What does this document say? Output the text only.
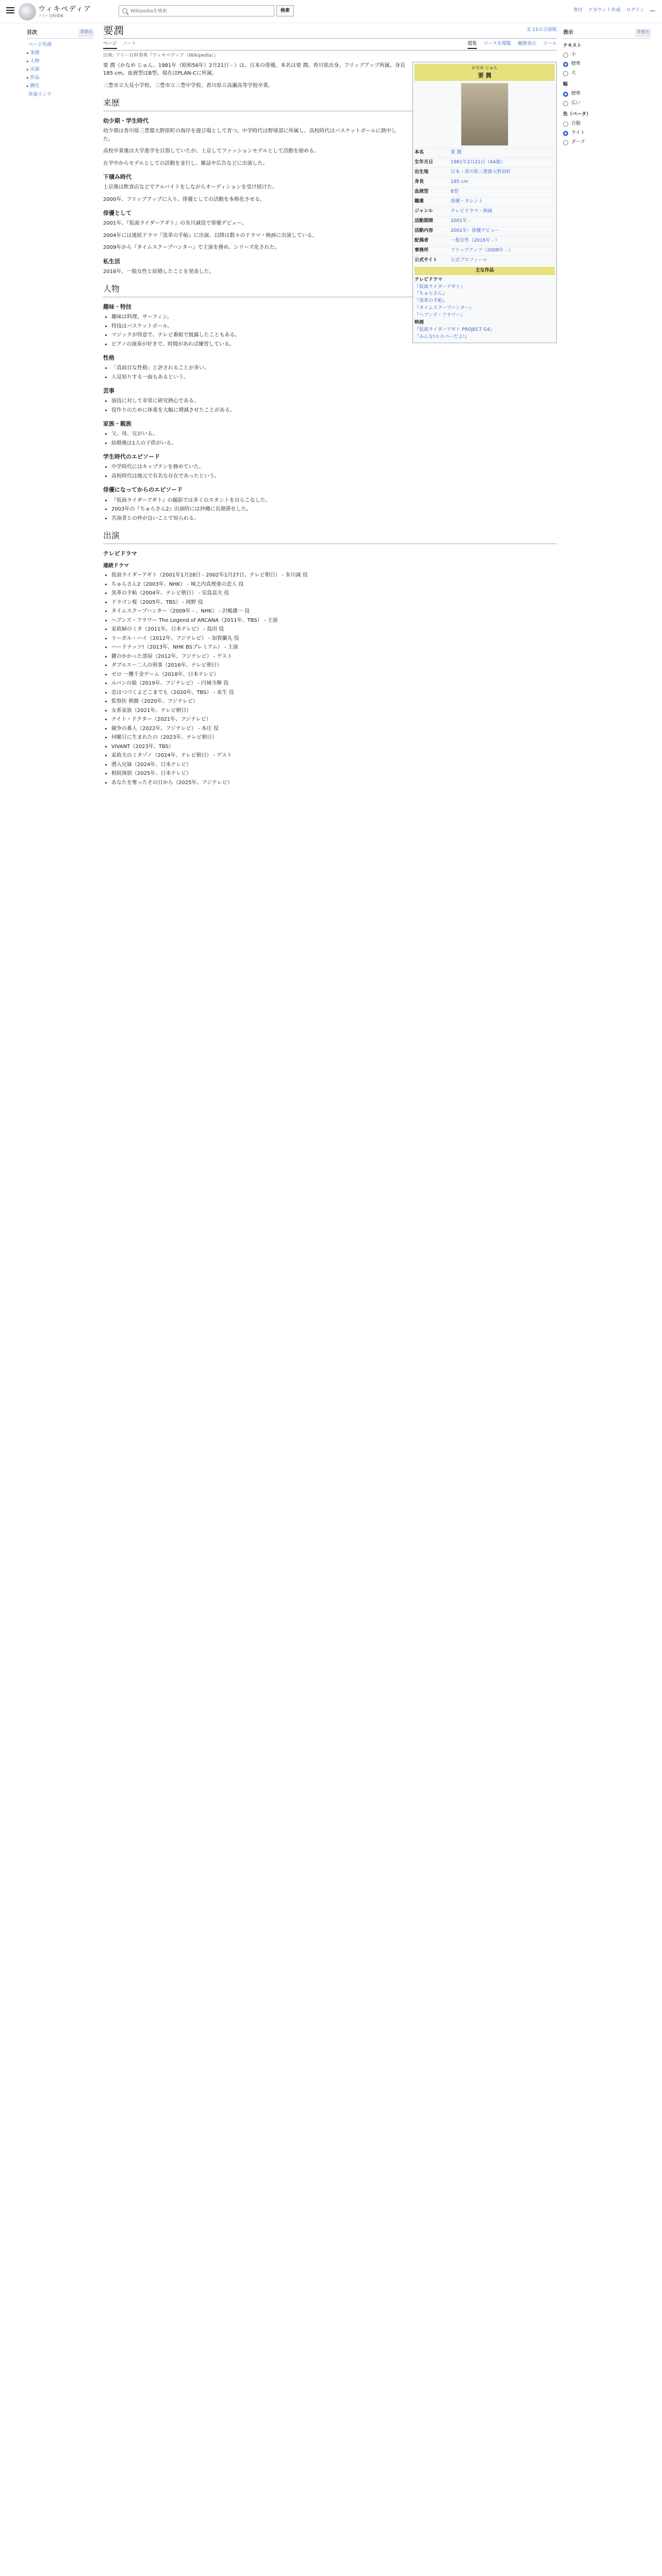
ウィキペディア
フリー百科事典
Wikipediaを検索
検索	寄付 アカウント作成 ログイン …
目次	非表示
ページ先頭
▸ 来歴
▸ 人物
▸ 出演
▸ 作品
▸ 脚注
外部リンク
要潤	文 11の言語版
ページ ノート	閲覧 ソースを閲覧 履歴表示 ツール
出典: フリー百科事典『ウィキペディア（Wikipedia）』
かなめ じゅん
要 潤
本名	要 潤
生年月日	1981年2月21日（44歳）
出生地	日本・香川県三豊郡大野原町
身長	185 cm
血液型	B型
職業	俳優・タレント
ジャンル	テレビドラマ・映画
活動期間	2001年 -
活動内容	2001年：俳優デビュー
配偶者	一般女性（2016年 - ）
事務所	フリップアップ（2008年 - ）
公式サイト	公式プロフィール
主な作品
テレビドラマ
『仮面ライダーアギト』
『ちゅらさん』
『黒革の手帖』
『タイムスクープハンター』
『ヘブンズ・フラワー』
映画
『仮面ライダーアギト PROJECT G4』
『みんな!エスパーだよ!』

要 潤（かなめ じゅん、1981年（昭和56年）2月21日 - ）は、日本の俳優。本名は要 潤。香川県出身。フリップアップ所属。身長185 cm。血液型はB型。現在はPLAN-Cに所属。

三豊市立大見小学校、三豊市立三豊中学校、香川県立高瀬高等学校卒業。

来歴
幼少期・学生時代

幼少期は香川県三豊郡大野原町の海岸を遊び場として育つ。中学時代は野球部に所属し、高校時代はバスケットボールに熱中した。

高校卒業後は大学進学を目指していたが、上京してファッションモデルとして活動を始める。

在学中からモデルとしての活動を並行し、雑誌や広告などに出演した。

下積み時代

上京後は飲食店などでアルバイトをしながらオーディションを受け続けた。

2000年、フリップアップに入り、俳優としての活動を本格化させる。

俳優として

2001年、『仮面ライダーアギト』の氷川誠役で俳優デビュー。

2004年には連続ドラマ『黒革の手帖』に出演、以降は数々のドラマ・映画に出演している。

2009年から『タイムスクープハンター』で主演を務め、シリーズ化された。

私生活

2016年、一般女性と結婚したことを発表した。

人物
趣味・特技
• 趣味は料理、サーフィン。
• 特技はバスケットボール。
• マジックが得意で、テレビ番組で披露したこともある。
• ピアノの演奏が好きで、時間があれば練習している。
性格
• 「真面目な性格」と評されることが多い。
• 人見知りする一面もあるという。
芸事
• 演技に対して非常に研究熱心である。
• 役作りのために体重を大幅に増減させたことがある。
家族・親族
• 父、母、兄がいる。
• 結婚後は1人の子供がいる。
学生時代のエピソード
• 中学時代にはキャプテンを務めていた。
• 高校時代は地元で有名な存在であったという。
俳優になってからのエピソード
• 『仮面ライダーアギト』の撮影では多くのスタントを自らこなした。
• 2003年の『ちゅらさん2』出演時には沖縄に長期滞在した。
• 共演者との仲が良いことで知られる。
出演
テレビドラマ
連続ドラマ
• 仮面ライダーアギト（2001年1月28日 - 2002年1月27日、テレビ朝日） - 氷川誠 役
• ちゅらさん2（2003年、NHK） - 城之内真理亜の恋人 役
• 黒革の手帖（2004年、テレビ朝日） - 安島富夫 役
• ドラゴン桜（2005年、TBS） - 岡野 役
• タイムスクープハンター（2009年 - 、NHK） - 沢嶋雄一 役
• ヘブンズ・フラワー The Legend of ARCANA（2011年、TBS） - 主演
• 家政婦のミタ（2011年、日本テレビ） - 島田 役
• リーガル・ハイ（2012年、フジテレビ） - 加賀蘭丸 役
• ハードナッツ!（2013年、NHK BSプレミアム） - 主演
• 鍵のかかった部屋（2012年、フジテレビ） - ゲスト
• ダブルス〜二人の刑事（2016年、テレビ朝日）
• ゼロ 一攫千金ゲーム（2018年、日本テレビ）
• ルパンの娘（2019年、フジテレビ） - 円城寺輝 役
• 恋はつづくよどこまでも（2020年、TBS） - 来生 役
• 監察医 朝顔（2020年、フジテレビ）
• 女系家族（2021年、テレビ朝日）
• ナイト・ドクター（2021年、フジテレビ）
• 競争の番人（2022年、フジテレビ） - 本庄 役
• 何曜日に生まれたの（2023年、テレビ朝日）
• VIVANT（2023年、TBS）
• 家政夫のミタゾノ（2024年、テレビ朝日） - ゲスト
• 潜入兄妹（2024年、日本テレビ）
• 相続探偵（2025年、日本テレビ）
• あなたを奪ったその日から（2025年、フジテレビ）
表示	非表示
テキスト
小
標準
大
幅
標準
広い
色（ベータ）
自動
ライト
ダーク
